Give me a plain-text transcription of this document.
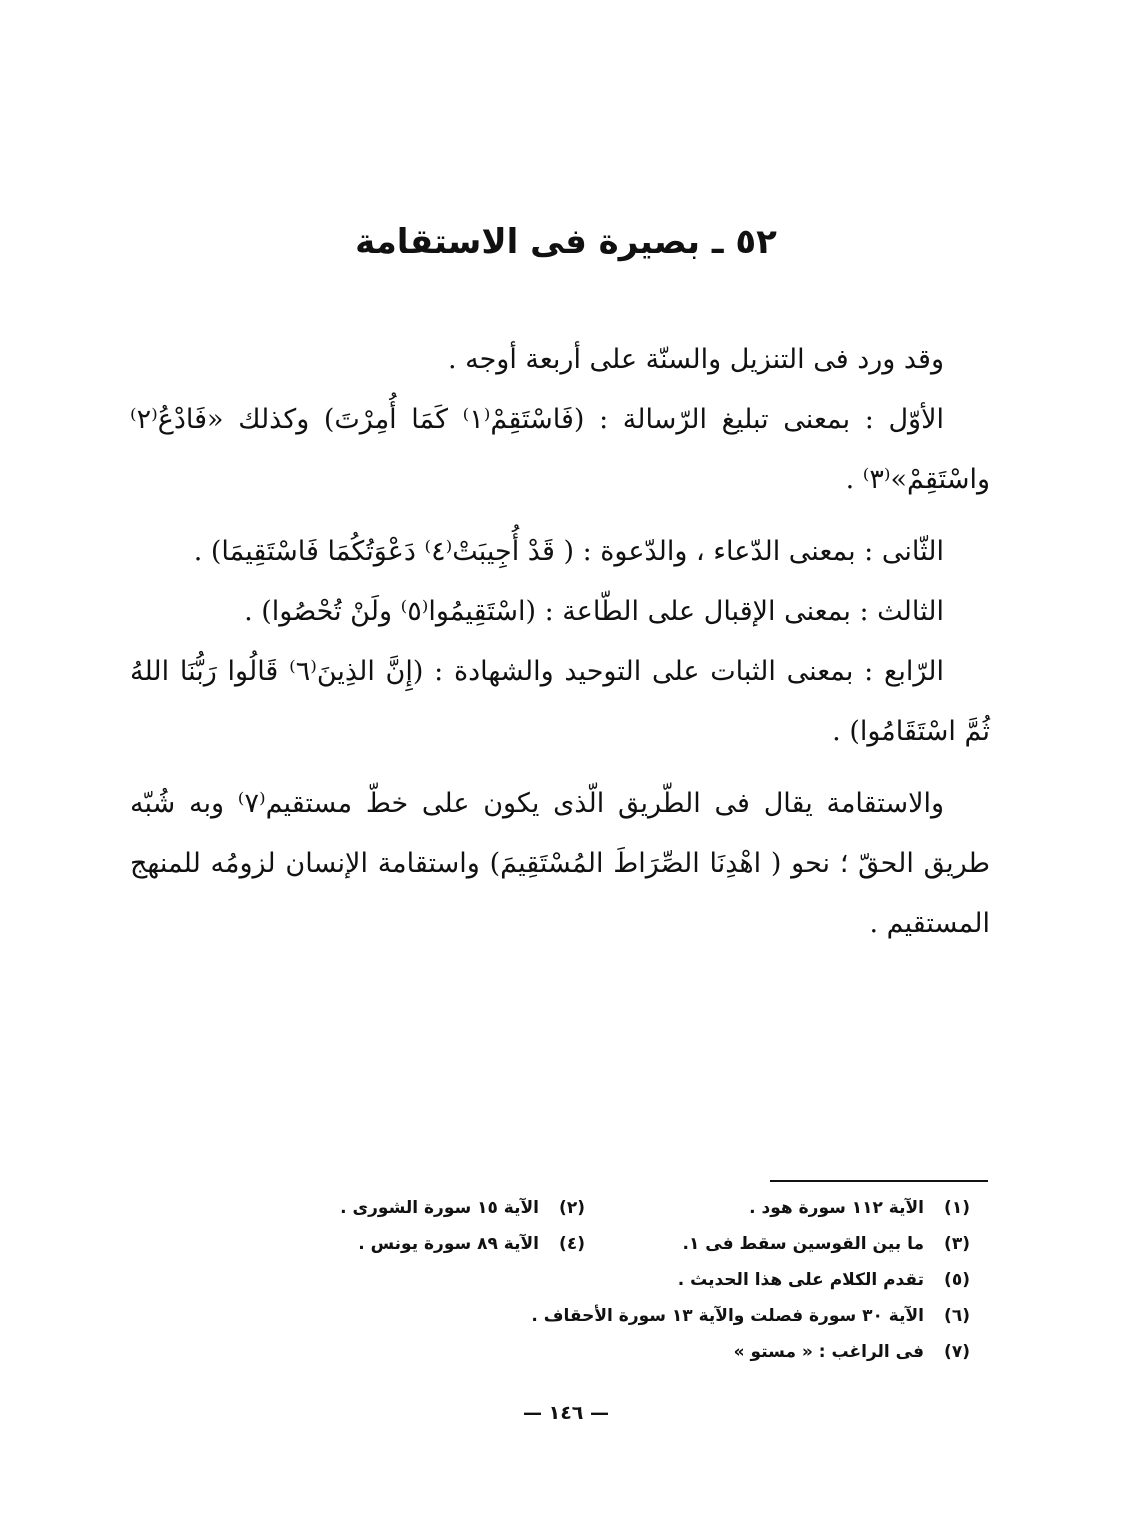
٥٢ ـ بصيرة فى الاستقامة

وقد ورد فى التنزيل والسنّة على أربعة أوجه .

الأوّل : بمعنى تبليغ الرّسالة : (فَاسْتَقِمْ⁽١⁾ كَمَا أُمِرْتَ) وكذلك «فَادْعُ⁽٢⁾ واسْتَقِمْ»⁽٣⁾ .

الثّانى : بمعنى الدّعاء ، والدّعوة : ( قَدْ أُجِيبَتْ⁽٤⁾ دَعْوَتُكُمَا فَاسْتَقِيمَا) .

الثالث : بمعنى الإقبال على الطّاعة : (اسْتَقِيمُوا⁽٥⁾ ولَنْ تُحْصُوا) .

الرّابع : بمعنى الثبات على التوحيد والشهادة : (إِنَّ الذِينَ⁽٦⁾ قَالُوا رَبُّنَا اللهُ ثُمَّ اسْتَقَامُوا) .

والاستقامة يقال فى الطّريق الّذى يكون على خطّ مستقيم⁽٧⁾ وبه شُبّه طريق الحقّ ؛ نحو ( اهْدِنَا الصِّرَاطَ المُسْتَقِيمَ) واستقامة الإنسان لزومُه للمنهج المستقيم .

(١)
الآية ١١٢ سورة هود .
(٢)
الآية ١٥ سورة الشورى .
(٣)
ما بين القوسين سقط فى ١.
(٤)
الآية ٨٩ سورة يونس .
(٥)
تقدم الكلام على هذا الحديث .
(٦)
الآية ٣٠ سورة فصلت والآية ١٣ سورة الأحقاف .
(٧)
فى الراغب : « مستو »
— ١٤٦ —
